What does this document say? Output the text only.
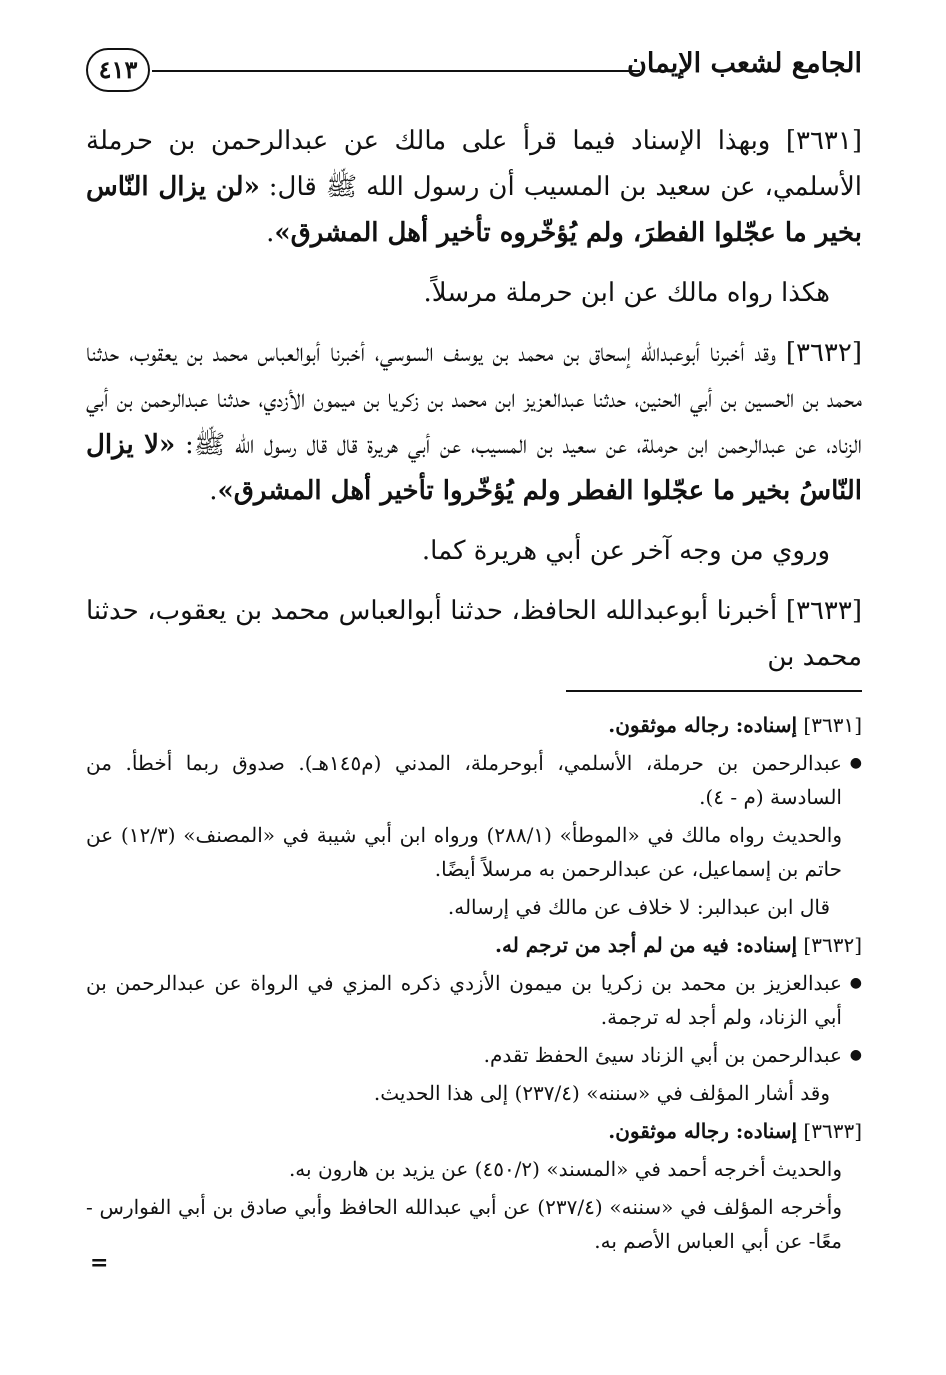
الجامع لشعب الإيمان
٤١٣

[٣٦٣١] وبهذا الإسناد فيما قرأ على مالك عن عبدالرحمن بن حرملة الأسلمي، عن سعيد بن المسيب أن رسول الله ﷺ قال: «لن يزال النّاس بخير ما عجّلوا الفطرَ، ولم يُؤخّروه تأخير أهل المشرق».

هكذا رواه مالك عن ابن حرملة مرسلاً.

[٣٦٣٢] وقد أخبرنا أبوعبدالله إسحاق بن محمد بن يوسف السوسي، أخبرنا أبوالعباس محمد بن يعقوب، حدثنا محمد بن الحسين بن أبي الحنين، حدثنا عبدالعزيز ابن محمد بن زكريا بن ميمون الأزدي، حدثنا عبدالرحمن بن أبي الزناد، عن عبدالرحمن ابن حرملة، عن سعيد بن المسيب، عن أبي هريرة قال قال رسول الله ﷺ: «لا يزال النّاسُ بخير ما عجّلوا الفطر ولم يُؤخّروا تأخير أهل المشرق».

وروي من وجه آخر عن أبي هريرة كما.

[٣٦٣٣] أخبرنا أبوعبدالله الحافظ، حدثنا أبوالعباس محمد بن يعقوب، حدثنا محمد بن

[٣٦٣١] إسناده: رجاله موثقون.

● عبدالرحمن بن حرملة، الأسلمي، أبوحرملة، المدني (م١٤٥هـ). صدوق ربما أخطأ. من السادسة (م - ٤).

والحديث رواه مالك في «الموطأ» (٢٨٨/١) ورواه ابن أبي شيبة في «المصنف» (١٢/٣) عن حاتم بن إسماعيل، عن عبدالرحمن به مرسلاً أيضًا.

قال ابن عبدالبر: لا خلاف عن مالك في إرساله.

[٣٦٣٢] إسناده: فيه من لم أجد من ترجم له.

● عبدالعزيز بن محمد بن زكريا بن ميمون الأزدي ذكره المزي في الرواة عن عبدالرحمن بن أبي الزناد، ولم أجد له ترجمة.

● عبدالرحمن بن أبي الزناد سيئ الحفظ تقدم.

وقد أشار المؤلف في «سننه» (٢٣٧/٤) إلى هذا الحديث.

[٣٦٣٣] إسناده: رجاله موثقون.

والحديث أخرجه أحمد في «المسند» (٤٥٠/٢) عن يزيد بن هارون به.

وأخرجه المؤلف في «سننه» (٢٣٧/٤) عن أبي عبدالله الحافظ وأبي صادق بن أبي الفوارس - معًا- عن أبي العباس الأصم به.

=
